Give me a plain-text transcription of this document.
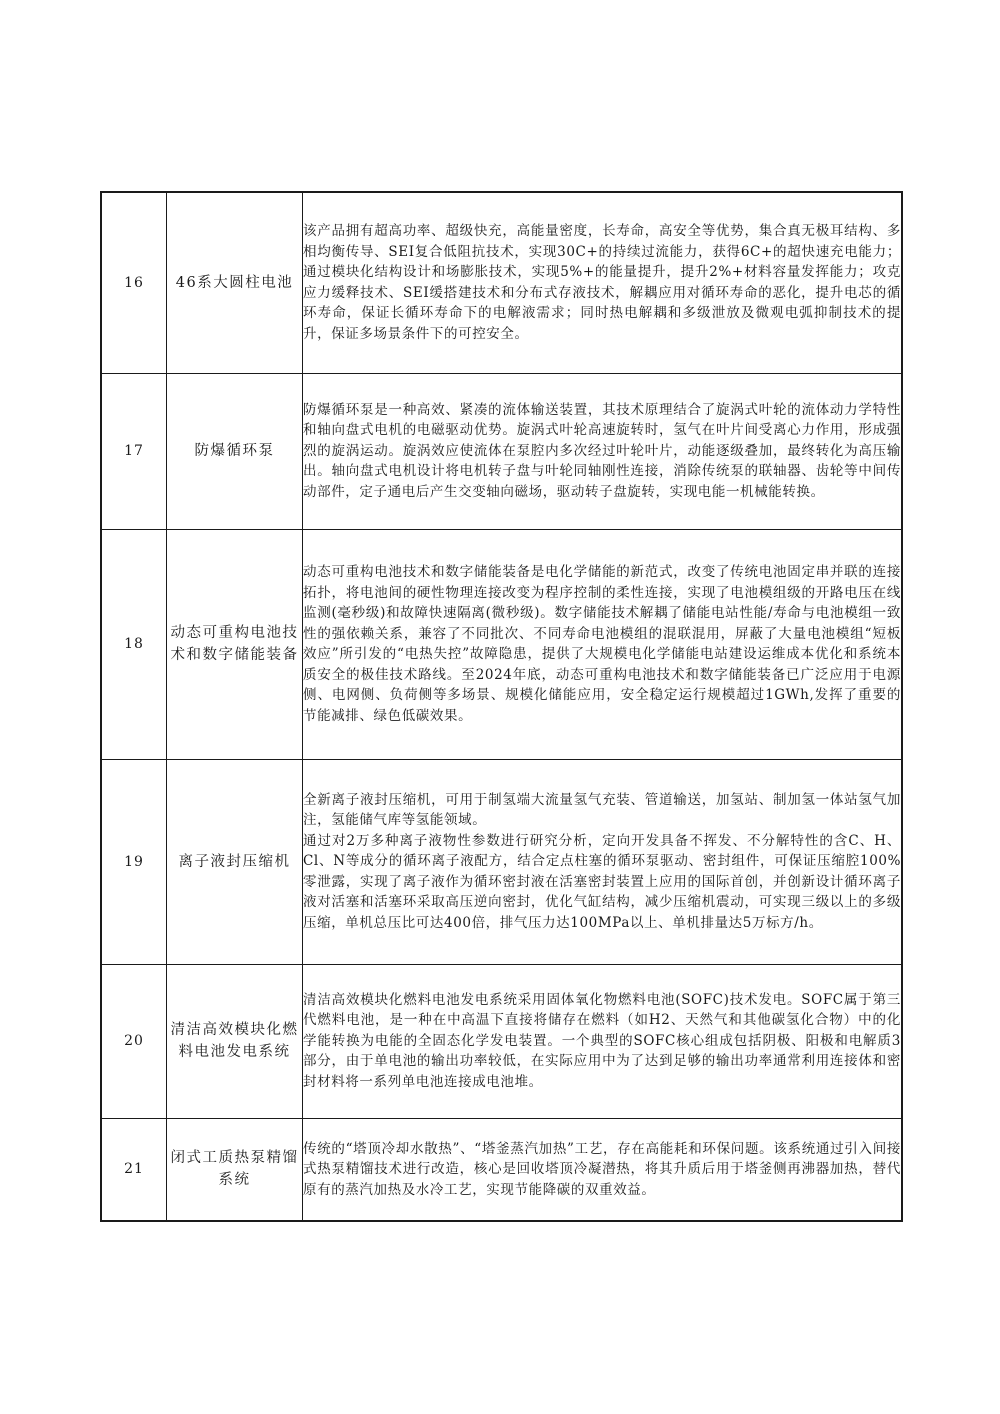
16	46系大圆柱电池	该产品拥有超高功率、超级快充，高能量密度，长寿命，高安全等优势，集合真无极耳结构、多相均衡传导、SEI复合低阻抗技术，实现30C+的持续过流能力，获得6C+的超快速充电能力；通过模块化结构设计和场膨胀技术，实现5%+的能量提升，提升2%+材料容量发挥能力；攻克应力缓释技术、SEI缓搭建技术和分布式存液技术，解耦应用对循环寿命的恶化，提升电芯的循环寿命，保证长循环寿命下的电解液需求；同时热电解耦和多级泄放及微观电弧抑制技术的提升，保证多场景条件下的可控安全。

17	防爆循环泵	防爆循环泵是一种高效、紧凑的流体输送装置，其技术原理结合了旋涡式叶轮的流体动力学特性和轴向盘式电机的电磁驱动优势。旋涡式叶轮高速旋转时，氢气在叶片间受离心力作用，形成强烈的旋涡运动。旋涡效应使流体在泵腔内多次经过叶轮叶片，动能逐级叠加，最终转化为高压输出。轴向盘式电机设计将电机转子盘与叶轮同轴刚性连接，消除传统泵的联轴器、齿轮等中间传动部件，定子通电后产生交变轴向磁场，驱动转子盘旋转，实现电能一机械能转换。

18	动态可重构电池技术和数字储能装备	动态可重构电池技术和数字储能装备是电化学储能的新范式，改变了传统电池固定串并联的连接拓扑，将电池间的硬性物理连接改变为程序控制的柔性连接，实现了电池模组级的开路电压在线监测(毫秒级)和故障快速隔离(微秒级)。数字储能技术解耦了储能电站性能/寿命与电池模组一致性的强依赖关系，兼容了不同批次、不同寿命电池模组的混联混用，屏蔽了大量电池模组“短板效应”所引发的“电热失控”故障隐患，提供了大规模电化学储能电站建设运维成本优化和系统本质安全的极佳技术路线。至2024年底，动态可重构电池技术和数字储能装备已广泛应用于电源侧、电网侧、负荷侧等多场景、规模化储能应用，安全稳定运行规模超过1GWh,发挥了重要的节能减排、绿色低碳效果。

19	离子液封压缩机	全新离子液封压缩机，可用于制氢端大流量氢气充装、管道输送，加氢站、制加氢一体站氢气加注，氢能储气库等氢能领域。

通过对2万多种离子液物性参数进行研究分析，定向开发具备不挥发、不分解特性的含C、H、Cl、N等成分的循环离子液配方，结合定点柱塞的循环泵驱动、密封组件，可保证压缩腔100%零泄露，实现了离子液作为循环密封液在活塞密封装置上应用的国际首创，并创新设计循环离子液对活塞和活塞环采取高压逆向密封，优化气缸结构，减少压缩机震动，可实现三级以上的多级压缩，单机总压比可达400倍，排气压力达100MPa以上、单机排量达5万标方/h。

20	清洁高效模块化燃料电池发电系统	清洁高效模块化燃料电池发电系统采用固体氧化物燃料电池(SOFC)技术发电。SOFC属于第三代燃料电池，是一种在中高温下直接将储存在燃料（如H2、天然气和其他碳氢化合物）中的化学能转换为电能的全固态化学发电装置。一个典型的SOFC核心组成包括阴极、阳极和电解质3部分，由于单电池的输出功率较低，在实际应用中为了达到足够的输出功率通常利用连接体和密封材料将一系列单电池连接成电池堆。

21	闭式工质热泵精馏系统	传统的“塔顶冷却水散热”、“塔釜蒸汽加热”工艺，存在高能耗和环保问题。该系统通过引入间接式热泵精馏技术进行改造，核心是回收塔顶冷凝潜热，将其升质后用于塔釜侧再沸器加热，替代原有的蒸汽加热及水冷工艺，实现节能降碳的双重效益。
